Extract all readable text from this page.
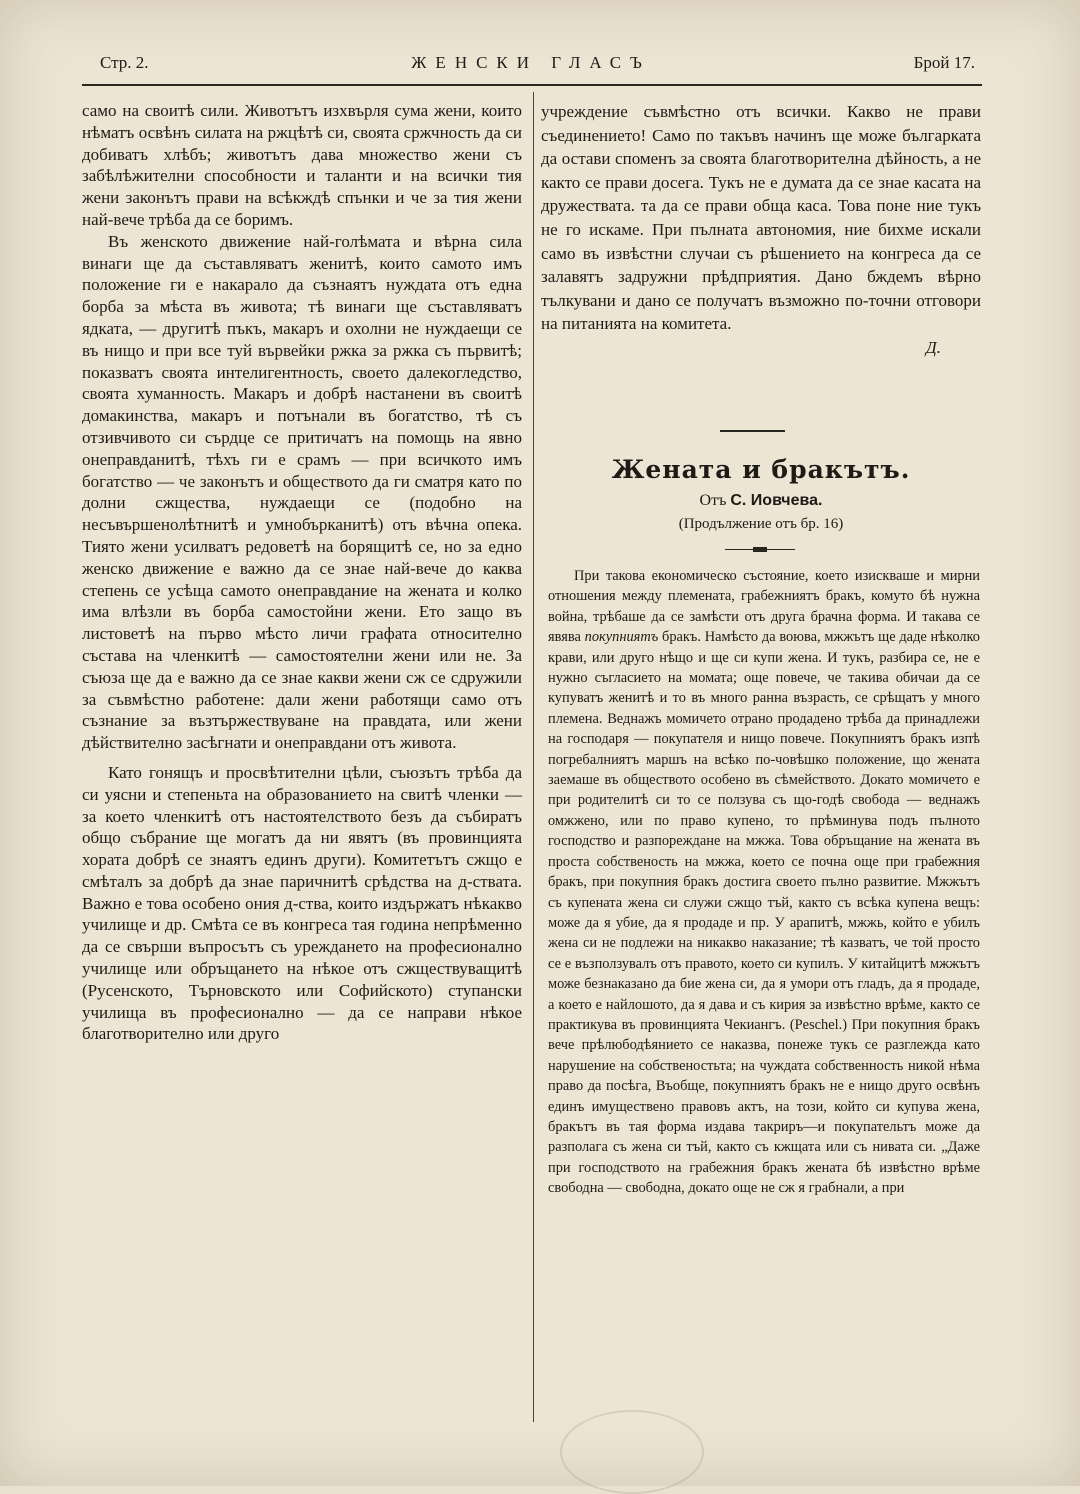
Стр. 2.	ЖЕНСКИ ГЛАСЪ	Брой 17.

само на своитѣ сили. Животътъ изхвърля сума жени, които нѣматъ освѣнъ силата на ржцѣтѣ си, своята сржчность да си добиватъ хлѣбъ; животътъ дава множество жени съ забѣлѣжителни способности и таланти и на всички тия жени законътъ прави на всѣкждѣ спънки и че за тия жени най-вече трѣба да се боримъ.

Въ женското движение най-голѣмата и вѣрна сила винаги ще да съставляватъ женитѣ, които самото имъ положение ги е накарало да съзнаятъ нуждата отъ една борба за мѣста въ живота; тѣ винаги ще съставляватъ ядката, — другитѣ пъкъ, макаръ и охолни не нуждаещи се въ нищо и при все туй вървейки ржка за ржка съ първитѣ; показватъ своята интелигентность, своето далекогледство, своята хуманность. Макаръ и добрѣ настанени въ своитѣ домакинства, макаръ и потънали въ богатство, тѣ съ отзивчивото си сърдце се притичатъ на помощь на явно онеправданитѣ, тѣхъ ги е срамъ — при всичкото имъ богатство — че законътъ и обществото да ги сматря като по долни сжщества, нуждаещи се (подобно на несъвършенолѣтнитѣ и умнобърканитѣ) отъ вѣчна опека. Тиято жени усилватъ редоветѣ на борящитѣ се, но за едно женско движение е важно да се знае най-вече до каква степень се усѣща самото онеправдание на жената и колко има влѣзли въ борба самостойни жени. Ето защо въ листоветѣ на първо мѣсто личи графата относително състава на членкитѣ — самостоятелни жени или не. За съюза ще да е важно да се знае какви жени сж се сдружили за съвмѣстно работене: дали жени работящи само отъ съзнание за възтържествуване на правдата, или жени дѣйствително засѣгнати и онеправдани отъ живота.

Като гонящъ и просвѣтителни цѣли, съюзътъ трѣба да си уясни и степеньта на образованието на свитѣ членки — за което членкитѣ отъ настоятелството безъ да събиратъ общо събрание ще могатъ да ни явятъ (въ провинцията хората добрѣ се знаятъ единъ други). Комитетътъ сжщо е смѣталъ за добрѣ да знае паричнитѣ срѣдства на д-ствата. Важно е това особено ония д-ства, които издържатъ нѣкакво училище и др. Смѣта се въ конгреса тая година непрѣменно да се свърши въпросътъ съ уреждането на професионално училище или обръщането на нѣкое отъ сжществуващитѣ (Русенското, Търновското или Софийското) ступански училища въ професионално — да се направи нѣкое благотворително или друго

учреждение съвмѣстно отъ всички. Какво не прави съединението! Само по такъвъ начинъ ще може българката да остави споменъ за своята благотворителна дѣйность, а не както се прави досега. Тукъ не е думата да се знае касата на дружествата. та да се прави обща каса. Това поне ние тукъ не го искаме. При пълната автономия, ние бихме искали само въ извѣстни случаи съ рѣшението на конгреса да се залавятъ задружни прѣдприятия. Дано бждемъ вѣрно тълкувани и дано се получатъ възможно по-точни отговори на питанията на комитета.

Д.

Жената и бракътъ.
Отъ С. Иовчева.
(Продължение отъ бр. 16)

При такова економическо състояние, което изискваше и мирни отношения между племената, грабежниятъ бракъ, комуто бѣ нужна война, трѣбаше да се замѣсти отъ друга брачна форма. И такава се явява покупниятъ бракъ. Намѣсто да воюва, мжжътъ ще даде нѣколко крави, или друго нѣщо и ще си купи жена. И тукъ, разбира се, не е нужно съгласието на момата; още повече, че такива обичаи да се купуватъ женитѣ и то въ много ранна възрасть, се срѣщатъ у много племена. Веднажъ момичето отрано продадено трѣба да принадлежи на господаря — покупателя и нищо повече. Покупниятъ бракъ изпѣ погребалниятъ маршъ на всѣко по-човѣшко положение, що жената заемаше въ обществото особено въ сѣмейството. Докато момичето е при родителитѣ си то се ползува съ що-годѣ свобода — веднажъ омжжено, или по право купено, то прѣминува подъ пълното господство и разпореждане на мжжа. Това обръщание на жената въ проста собственость на мжжа, което се почна още при грабежния бракъ, при покупния бракъ достига своето пълно развитие. Мжжътъ съ купената жена си служи сжщо тъй, както съ всѣка купена вещъ: може да я убие, да я продаде и пр. У арапитѣ, мжжь, който е убилъ жена си не подлежи на никакво наказание; тѣ казватъ, че той просто се е възползувалъ отъ правото, което си купилъ. У китайцитѣ мжжътъ може безнаказано да бие жена си, да я умори отъ гладъ, да я продаде, а което е найлошото, да я дава и съ кирия за извѣстно врѣме, както се практикува въ провинцията Чекиангъ. (Peschel.) При покупния бракъ вече прѣлюбодѣянието се наказва, понеже тукъ се разглежда като нарушение на собственостьта; на чуждата собственность никой нѣма право да посѣга, Въобще, покупниятъ бракъ не е нищо друго освѣнъ единъ имуществено правовъ актъ, на този, който си купува жена, бракътъ въ тая форма издава такриръ—и покупательтъ може да разполага съ жена си тъй, както съ кжщата или съ нивата си. „Даже при господството на грабежния бракъ жената бѣ извѣстно врѣме свободна — свободна, докато още не сж я грабнали, а при
